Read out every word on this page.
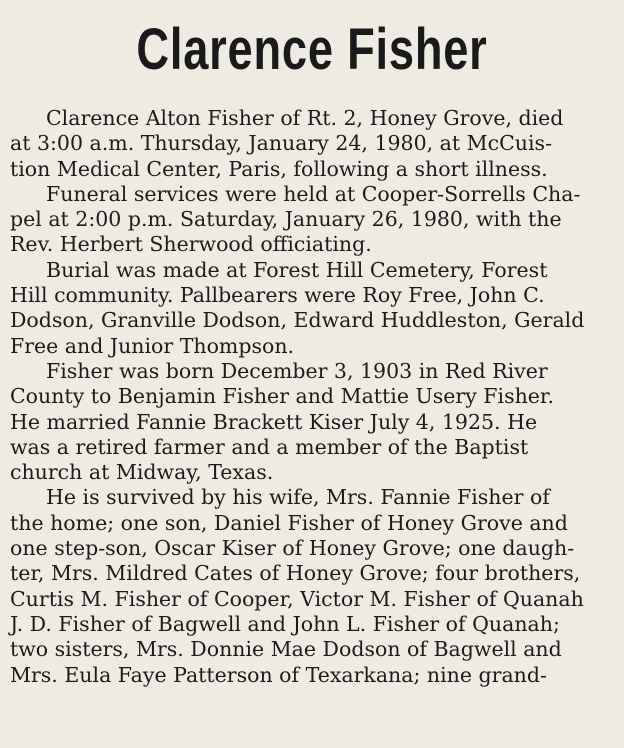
Clarence Fisher
Clarence Alton Fisher of Rt. 2, Honey Grove, died
at 3:00 a.m. Thursday, January 24, 1980, at McCuis-
tion Medical Center, Paris, following a short illness.
Funeral services were held at Cooper-Sorrells Cha-
pel at 2:00 p.m. Saturday, January 26, 1980, with the
Rev. Herbert Sherwood officiating.
Burial was made at Forest Hill Cemetery, Forest
Hill community. Pallbearers were Roy Free, John C.
Dodson, Granville Dodson, Edward Huddleston, Gerald
Free and Junior Thompson.
Fisher was born December 3, 1903 in Red River
County to Benjamin Fisher and Mattie Usery Fisher.
He married Fannie Brackett Kiser July 4, 1925. He
was a retired farmer and a member of the Baptist
church at Midway, Texas.
He is survived by his wife, Mrs. Fannie Fisher of
the home; one son, Daniel Fisher of Honey Grove and
one step-son, Oscar Kiser of Honey Grove; one daugh-
ter, Mrs. Mildred Cates of Honey Grove; four brothers,
Curtis M. Fisher of Cooper, Victor M. Fisher of Quanah
J. D. Fisher of Bagwell and John L. Fisher of Quanah;
two sisters, Mrs. Donnie Mae Dodson of Bagwell and
Mrs. Eula Faye Patterson of Texarkana; nine grand-
